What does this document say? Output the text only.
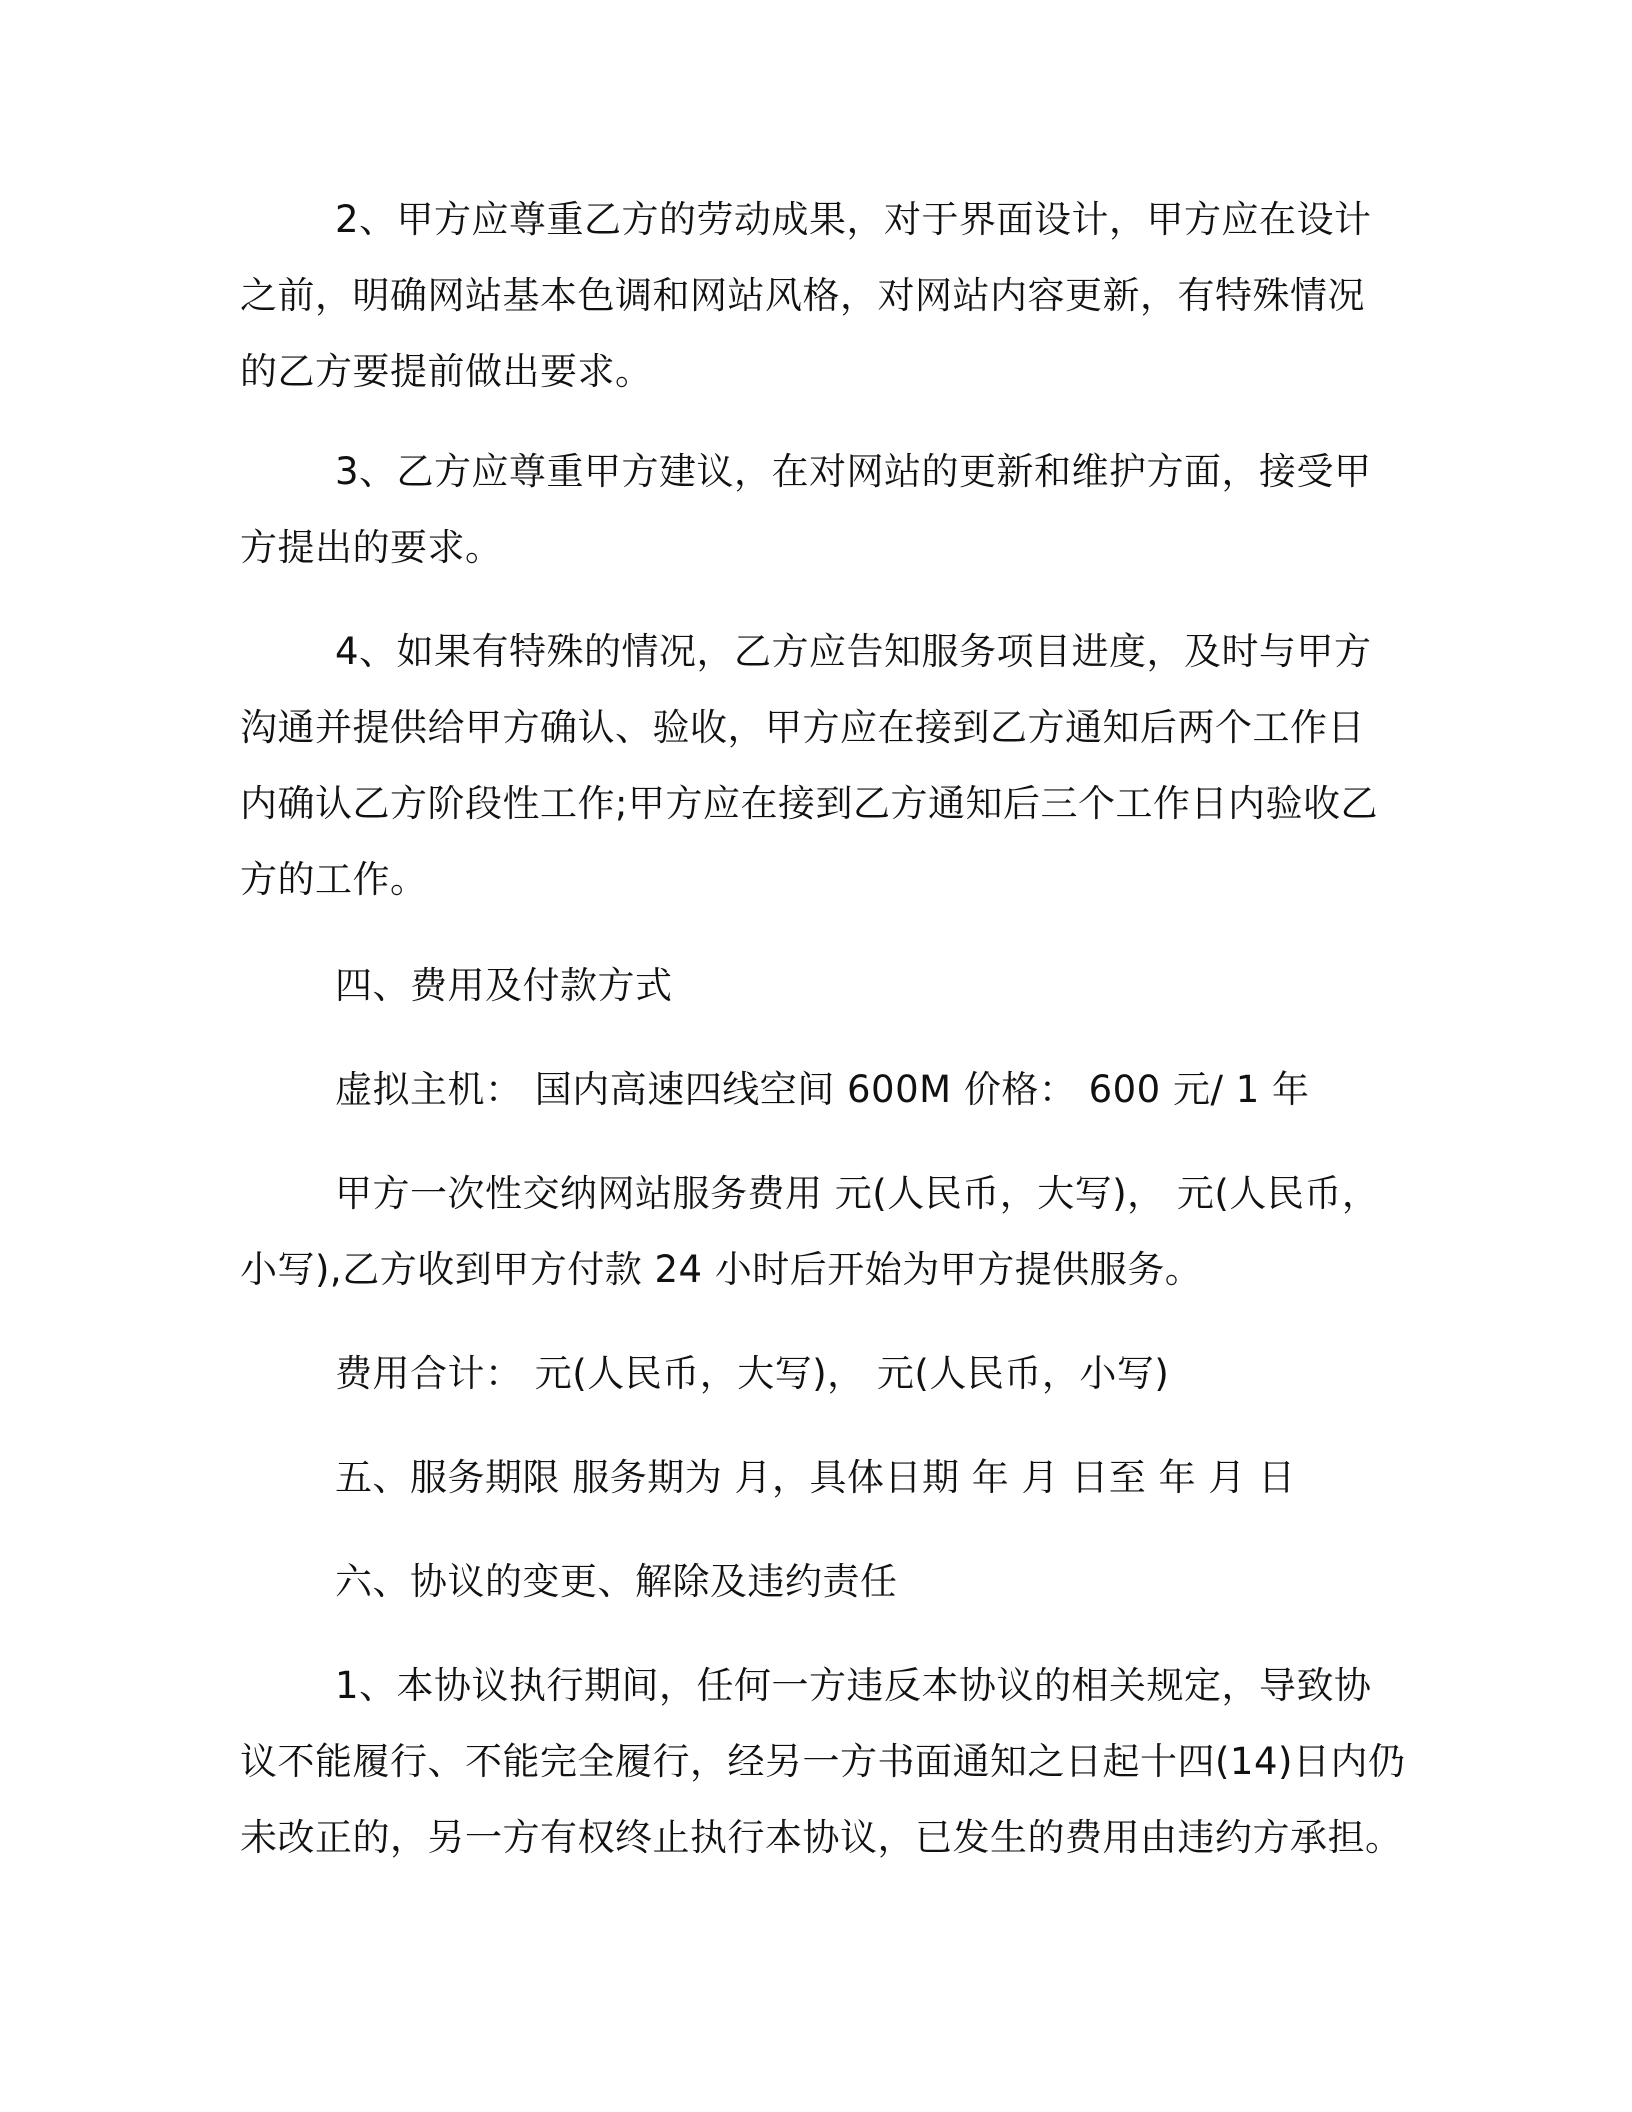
2、甲方应尊重乙方的劳动成果，对于界面设计，甲方应在设计
之前，明确网站基本色调和网站风格，对网站内容更新，有特殊情况
的乙方要提前做出要求。
3、乙方应尊重甲方建议，在对网站的更新和维护方面，接受甲
方提出的要求。
4、如果有特殊的情况，乙方应告知服务项目进度，及时与甲方
沟通并提供给甲方确认、验收，甲方应在接到乙方通知后两个工作日
内确认乙方阶段性工作;甲方应在接到乙方通知后三个工作日内验收乙
方的工作。
四、费用及付款方式
虚拟主机： 国内高速四线空间 600M 价格： 600 元/ 1 年
甲方一次性交纳网站服务费用 元(人民币，大写)， 元(人民币，
小写),乙方收到甲方付款 24 小时后开始为甲方提供服务。
费用合计： 元(人民币，大写)， 元(人民币，小写)
五、服务期限 服务期为 月，具体日期 年 月 日至 年 月 日
六、协议的变更、解除及违约责任
1、本协议执行期间，任何一方违反本协议的相关规定，导致协
议不能履行、不能完全履行，经另一方书面通知之日起十四(14)日内仍
未改正的，另一方有权终止执行本协议，已发生的费用由违约方承担。
